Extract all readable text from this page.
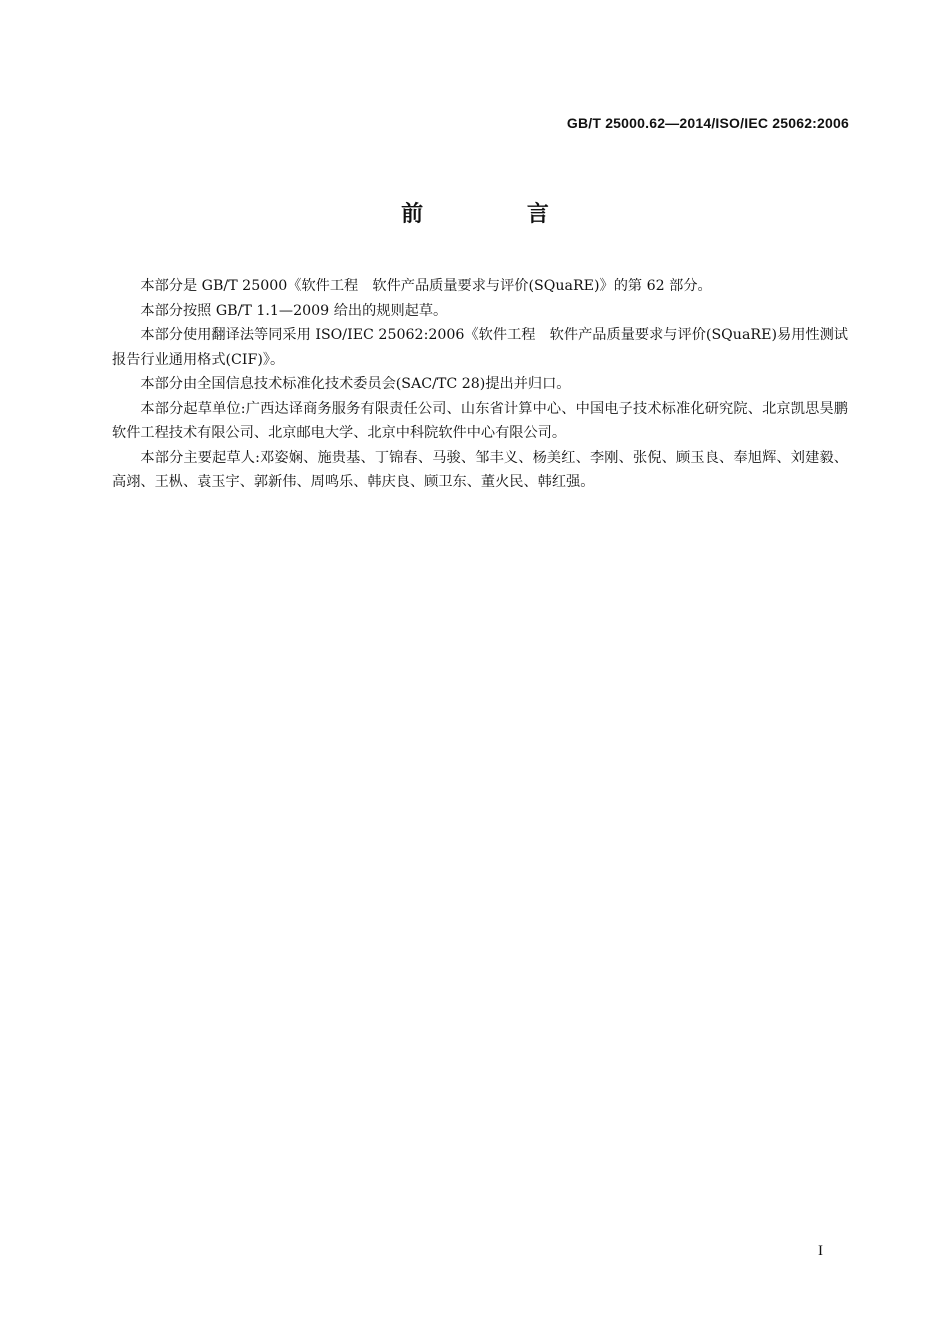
GB/T 25000.62—2014/ISO/IEC 25062:2006
前 言

本部分是 GB/T 25000《软件工程　软件产品质量要求与评价(SQuaRE)》的第 62 部分。

本部分按照 GB/T 1.1—2009 给出的规则起草。

本部分使用翻译法等同采用 ISO/IEC 25062:2006《软件工程　软件产品质量要求与评价(SQuaRE)易用性测试报告行业通用格式(CIF)》。

本部分由全国信息技术标准化技术委员会(SAC/TC 28)提出并归口。

本部分起草单位:广西达译商务服务有限责任公司、山东省计算中心、中国电子技术标准化研究院、北京凯思昊鹏软件工程技术有限公司、北京邮电大学、北京中科院软件中心有限公司。

本部分主要起草人:邓姿娴、施贵基、丁锦春、马骏、邹丰义、杨美红、李刚、张倪、顾玉良、奉旭辉、刘建毅、高翊、王枞、袁玉宇、郭新伟、周鸣乐、韩庆良、顾卫东、董火民、韩红强。

I
